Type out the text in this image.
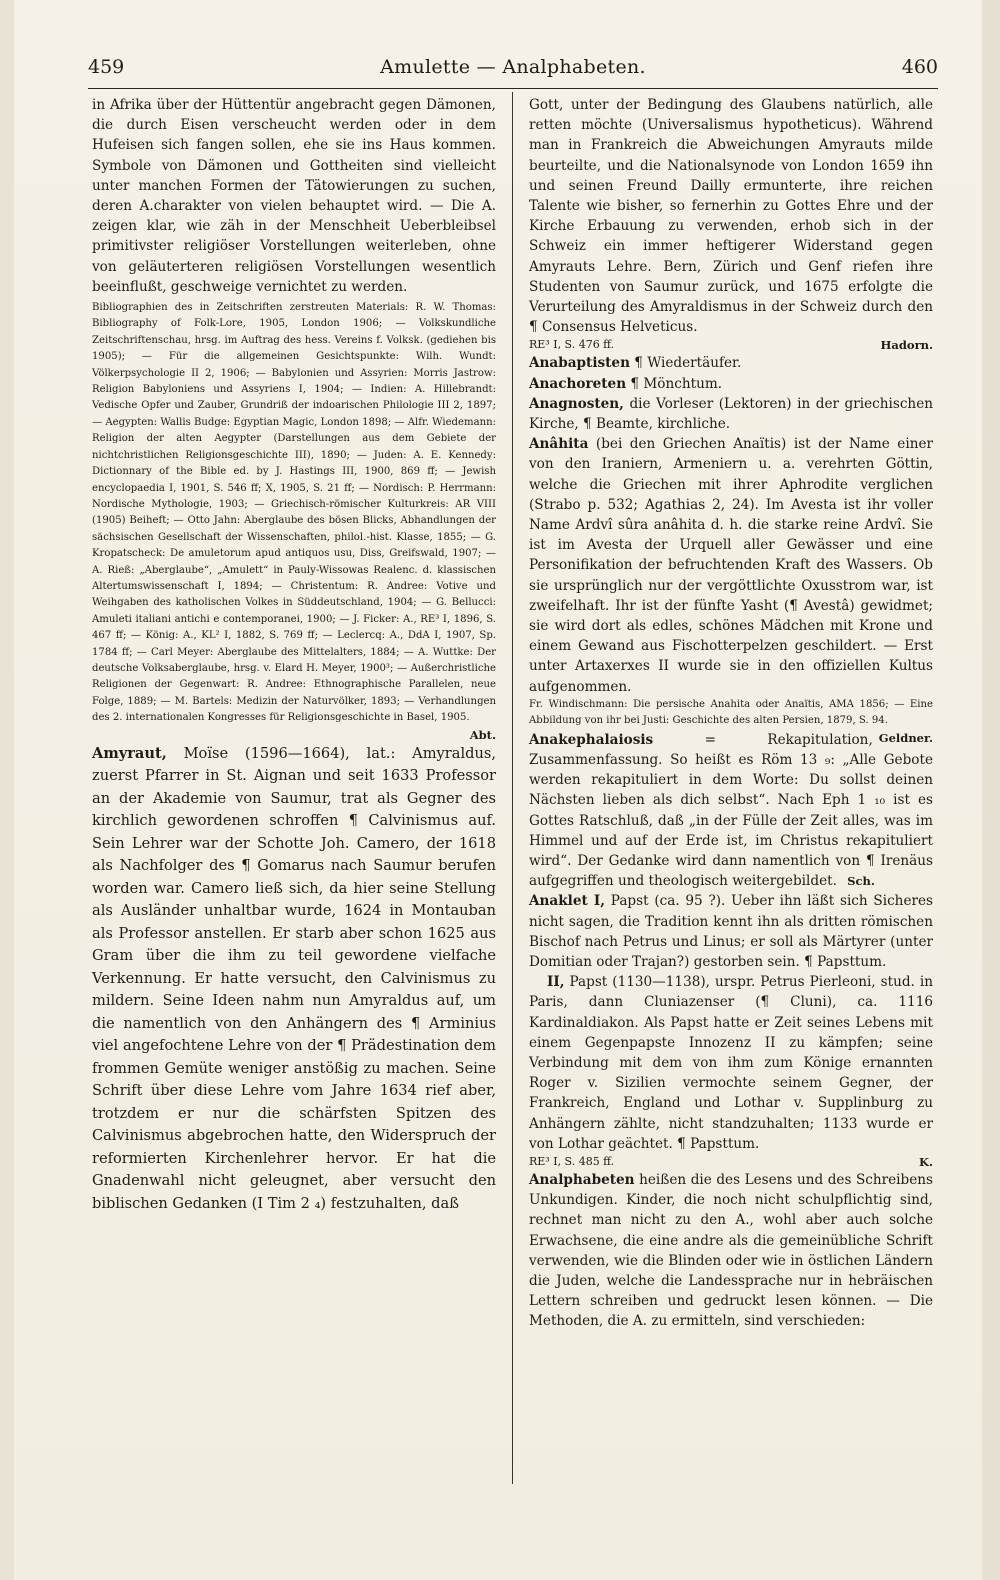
459	Amulette — Analphabeten.	460

in Afrika über der Hüttentür angebracht gegen Dämonen, die durch Eisen verscheucht werden oder in dem Hufeisen sich fangen sollen, ehe sie ins Haus kommen. Symbole von Dämonen und Gottheiten sind vielleicht unter manchen Formen der Tätowierungen zu suchen, deren A.charakter von vielen behauptet wird. — Die A. zeigen klar, wie zäh in der Menschheit Ueberbleibsel primitivster religiöser Vorstellungen weiterleben, ohne von geläuterteren religiösen Vorstellungen wesentlich beeinflußt, geschweige vernichtet zu werden.

Bibliographien des in Zeitschriften zerstreuten Materials: R. W. Thomas: Bibliography of Folk-Lore, 1905, London 1906; — Volkskundliche Zeitschriftenschau, hrsg. im Auftrag des hess. Vereins f. Volksk. (gediehen bis 1905); — Für die allgemeinen Gesichtspunkte: Wilh. Wundt: Völkerpsychologie II 2, 1906; — Babylonien und Assyrien: Morris Jastrow: Religion Babyloniens und Assyriens I, 1904; — Indien: A. Hillebrandt: Vedische Opfer und Zauber, Grundriß der indoarischen Philologie III 2, 1897; — Aegypten: Wallis Budge: Egyptian Magic, London 1898; — Alfr. Wiedemann: Religion der alten Aegypter (Darstellungen aus dem Gebiete der nichtchristlichen Religionsgeschichte III), 1890; — Juden: A. E. Kennedy: Dictionnary of the Bible ed. by J. Hastings III, 1900, 869 ff; — Jewish encyclopaedia I, 1901, S. 546 ff; X, 1905, S. 21 ff; — Nordisch: P. Herrmann: Nordische Mythologie, 1903; — Griechisch-römischer Kulturkreis: AR VIII (1905) Beiheft; — Otto Jahn: Aberglaube des bösen Blicks, Abhandlungen der sächsischen Gesellschaft der Wissenschaften, philol.-hist. Klasse, 1855; — G. Kropatscheck: De amuletorum apud antiquos usu, Diss, Greifswald, 1907; — A. Rieß: „Aberglaube“, „Amulett“ in Pauly-Wissowas Realenc. d. klassischen Altertumswissenschaft I, 1894; — Christentum: R. Andree: Votive und Weihgaben des katholischen Volkes in Süddeutschland, 1904; — G. Bellucci: Amuleti italiani antichi e contemporanei, 1900; — J. Ficker: A., RE³ I, 1896, S. 467 ff; — König: A., KL² I, 1882, S. 769 ff; — Leclercq: A., DdA I, 1907, Sp. 1784 ff; — Carl Meyer: Aberglaube des Mittelalters, 1884; — A. Wuttke: Der deutsche Volksaberglaube, hrsg. v. Elard H. Meyer, 1900³; — Außerchristliche Religionen der Gegenwart: R. Andree: Ethnographische Parallelen, neue Folge, 1889; — M. Bartels: Medizin der Naturvölker, 1893; — Verhandlungen des 2. internationalen Kongresses für Religionsgeschichte in Basel, 1905.

Abt.

Amyraut, Moïse (1596—1664), lat.: Amyraldus, zuerst Pfarrer in St. Aignan und seit 1633 Professor an der Akademie von Saumur, trat als Gegner des kirchlich gewordenen schroffen ¶ Calvinismus auf. Sein Lehrer war der Schotte Joh. Camero, der 1618 als Nachfolger des ¶ Gomarus nach Saumur berufen worden war. Camero ließ sich, da hier seine Stellung als Ausländer unhaltbar wurde, 1624 in Montauban als Professor anstellen. Er starb aber schon 1625 aus Gram über die ihm zu teil gewordene vielfache Verkennung. Er hatte versucht, den Calvinismus zu mildern. Seine Ideen nahm nun Amyraldus auf, um die namentlich von den Anhängern des ¶ Arminius viel angefochtene Lehre von der ¶ Prädestination dem frommen Gemüte weniger anstößig zu machen. Seine Schrift über diese Lehre vom Jahre 1634 rief aber, trotzdem er nur die schärfsten Spitzen des Calvinismus abgebrochen hatte, den Widerspruch der reformierten Kirchenlehrer hervor. Er hat die Gnadenwahl nicht geleugnet, aber versucht den biblischen Gedanken (I Tim 2 ₄) festzuhalten, daß

Gott, unter der Bedingung des Glaubens natürlich, alle retten möchte (Universalismus hypotheticus). Während man in Frankreich die Abweichungen Amyrauts milde beurteilte, und die Nationalsynode von London 1659 ihn und seinen Freund Dailly ermunterte, ihre reichen Talente wie bisher, so fernerhin zu Gottes Ehre und der Kirche Erbauung zu verwenden, erhob sich in der Schweiz ein immer heftigerer Widerstand gegen Amyrauts Lehre. Bern, Zürich und Genf riefen ihre Studenten von Saumur zurück, und 1675 erfolgte die Verurteilung des Amyraldismus in der Schweiz durch den ¶ Consensus Helveticus.

Hadorn.
RE³ I, S. 476 ff.

Anabaptisten ¶ Wiedertäufer.

Anachoreten ¶ Mönchtum.

Anagnosten, die Vorleser (Lektoren) in der griechischen Kirche, ¶ Beamte, kirchliche.

Anâhita (bei den Griechen Anaïtis) ist der Name einer von den Iraniern, Armeniern u. a. verehrten Göttin, welche die Griechen mit ihrer Aphrodite verglichen (Strabo p. 532; Agathias 2, 24). Im Avesta ist ihr voller Name Ardvî sûra anâhita d. h. die starke reine Ardvî. Sie ist im Avesta der Urquell aller Gewässer und eine Personifikation der befruchtenden Kraft des Wassers. Ob sie ursprünglich nur der vergöttlichte Oxusstrom war, ist zweifelhaft. Ihr ist der fünfte Yasht (¶ Avestâ) gewidmet; sie wird dort als edles, schönes Mädchen mit Krone und einem Gewand aus Fischotterpelzen geschildert. — Erst unter Artaxerxes II wurde sie in den offiziellen Kultus aufgenommen.

Fr. Windischmann: Die persische Anahita oder Anaïtis, AMA 1856; — Eine Abbildung von ihr bei Justi: Geschichte des alten Persien, 1879, S. 94.
Geldner.

Anakephalaiosis	= Rekapitulation, Zusammenfassung. So heißt es Röm 13 ₉: „Alle Gebote werden rekapituliert in dem Worte: Du sollst deinen Nächsten lieben als dich selbst“. Nach Eph 1 ₁₀ ist es Gottes Ratschluß, daß „in der Fülle der Zeit alles, was im Himmel und auf der Erde ist, im Christus rekapituliert wird“. Der Gedanke wird dann namentlich von ¶ Irenäus aufgegriffen und theologisch weitergebildet. Sch.

Anaklet I, Papst (ca. 95 ?). Ueber ihn läßt sich Sicheres nicht sagen, die Tradition kennt ihn als dritten römischen Bischof nach Petrus und Linus; er soll als Märtyrer (unter Domitian oder Trajan?) gestorben sein. ¶ Papsttum.

II, Papst (1130—1138), urspr. Petrus Pierleoni, stud. in Paris, dann Cluniazenser (¶ Cluni), ca. 1116 Kardinaldiakon. Als Papst hatte er Zeit seines Lebens mit einem Gegenpapste Innozenz II zu kämpfen; seine Verbindung mit dem von ihm zum Könige ernannten Roger v. Sizilien vermochte seinem Gegner, der Frankreich, England und Lothar v. Supplinburg zu Anhängern zählte, nicht standzuhalten; 1133 wurde er von Lothar geächtet. ¶ Papsttum.

K.
RE³ I, S. 485 ff.

Analphabeten heißen die des Lesens und des Schreibens Unkundigen. Kinder, die noch nicht schulpflichtig sind, rechnet man nicht zu den A., wohl aber auch solche Erwachsene, die eine andre als die gemeinübliche Schrift verwenden, wie die Blinden oder wie in östlichen Ländern die Juden, welche die Landessprache nur in hebräischen Lettern schreiben und gedruckt lesen können. — Die Methoden, die A. zu ermitteln, sind verschieden:
